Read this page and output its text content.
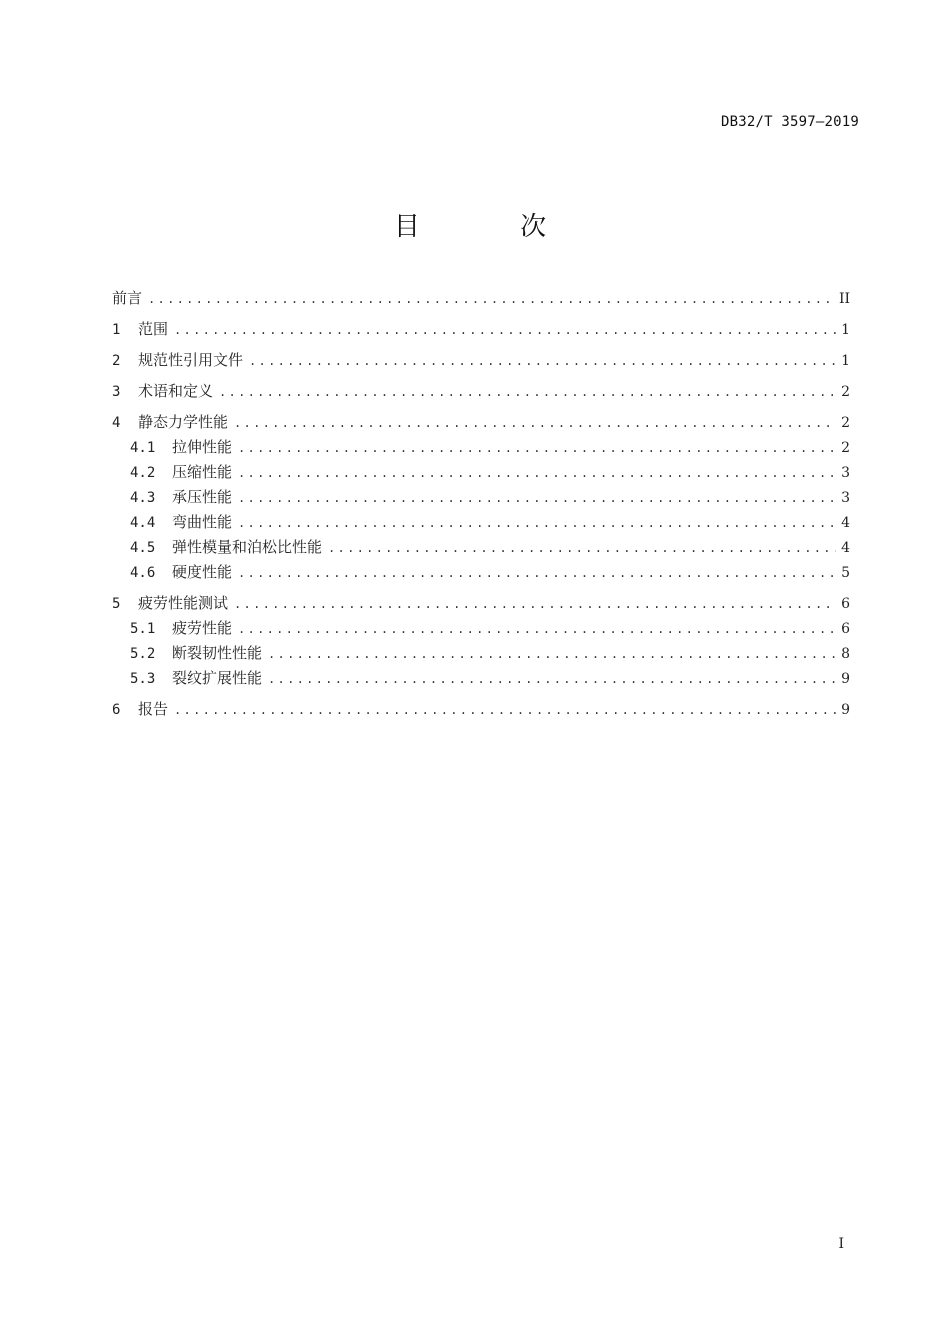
DB32/T 3597—2019
目 次
前言 .....	II
1	范围 .....	1
2	规范性引用文件 .....	1
3	术语和定义 .....	2
4	静态力学性能 .....	2
4.1	拉伸性能 .....	2
4.2	压缩性能 .....	3
4.3	承压性能 .....	3
4.4	弯曲性能 .....	4
4.5	弹性模量和泊松比性能 .....	4
4.6	硬度性能 .....	5
5	疲劳性能测试 .....	6
5.1	疲劳性能 .....	6
5.2	断裂韧性性能 .....	8
5.3	裂纹扩展性能 .....	9
6	报告 .....	9
I
